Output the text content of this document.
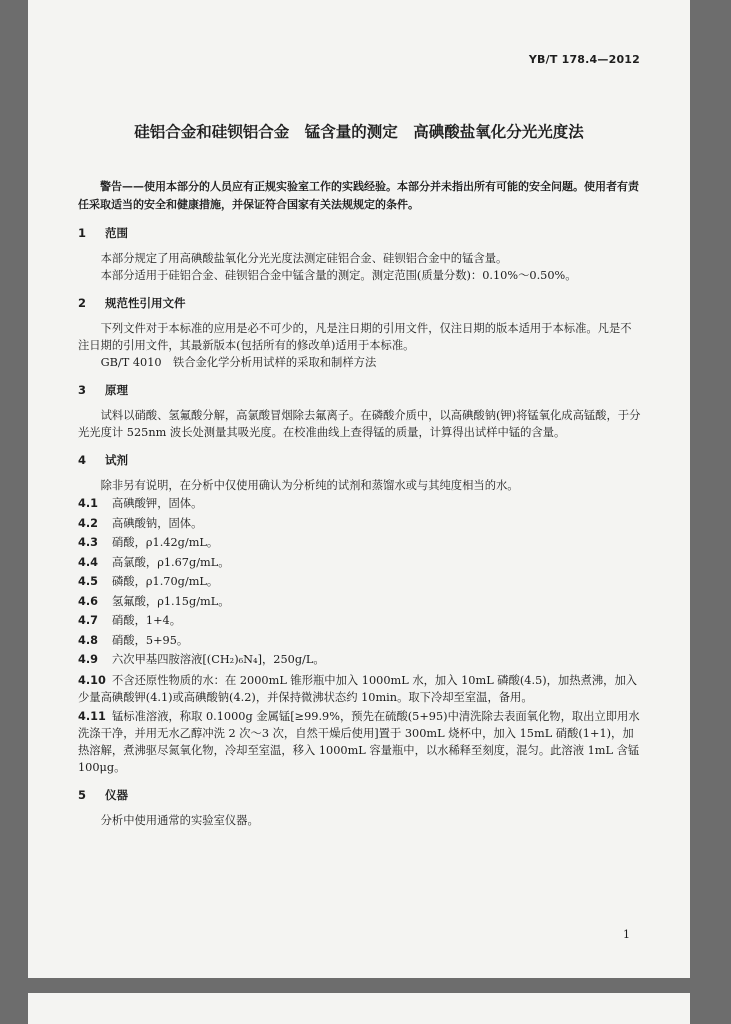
YB/T 178.4—2012
硅铝合金和硅钡铝合金　锰含量的测定　高碘酸盐氧化分光光度法
警告——使用本部分的人员应有正规实验室工作的实践经验。本部分并未指出所有可能的安全问题。使用者有责任采取适当的安全和健康措施，并保证符合国家有关法规规定的条件。
1 范围

本部分规定了用高碘酸盐氧化分光光度法测定硅铝合金、硅钡铝合金中的锰含量。

本部分适用于硅铝合金、硅钡铝合金中锰含量的测定。测定范围(质量分数)：0.10%～0.50%。

2 规范性引用文件

下列文件对于本标准的应用是必不可少的，凡是注日期的引用文件，仅注日期的版本适用于本标准。凡是不注日期的引用文件，其最新版本(包括所有的修改单)适用于本标准。

GB/T 4010　铁合金化学分析用试样的采取和制样方法

3 原理

试料以硝酸、氢氟酸分解，高氯酸冒烟除去氟离子。在磷酸介质中，以高碘酸钠(钾)将锰氧化成高锰酸，于分光光度计 525nm 波长处测量其吸光度。在校准曲线上查得锰的质量，计算得出试样中锰的含量。

4 试剂

除非另有说明，在分析中仅使用确认为分析纯的试剂和蒸馏水或与其纯度相当的水。

4.1 高碘酸钾，固体。

4.2 高碘酸钠，固体。

4.3 硝酸，ρ1.42g/mL。

4.4 高氯酸，ρ1.67g/mL。

4.5 磷酸，ρ1.70g/mL。

4.6 氢氟酸，ρ1.15g/mL。

4.7 硝酸，1+4。

4.8 硝酸，5+95。

4.9 六次甲基四胺溶液[(CH₂)₆N₄]，250g/L。

4.10 不含还原性物质的水：在 2000mL 锥形瓶中加入 1000mL 水，加入 10mL 磷酸(4.5)，加热煮沸，加入少量高碘酸钾(4.1)或高碘酸钠(4.2)，并保持微沸状态约 10min。取下冷却至室温，备用。

4.11 锰标准溶液，称取 0.1000g 金属锰[≥99.9%，预先在硫酸(5+95)中清洗除去表面氧化物，取出立即用水洗涤干净，并用无水乙醇冲洗 2 次～3 次，自然干燥后使用]置于 300mL 烧杯中，加入 15mL 硝酸(1+1)，加热溶解，煮沸驱尽氮氧化物，冷却至室温，移入 1000mL 容量瓶中，以水稀释至刻度，混匀。此溶液 1mL 含锰 100μg。

5 仪器

分析中使用通常的实验室仪器。

1
